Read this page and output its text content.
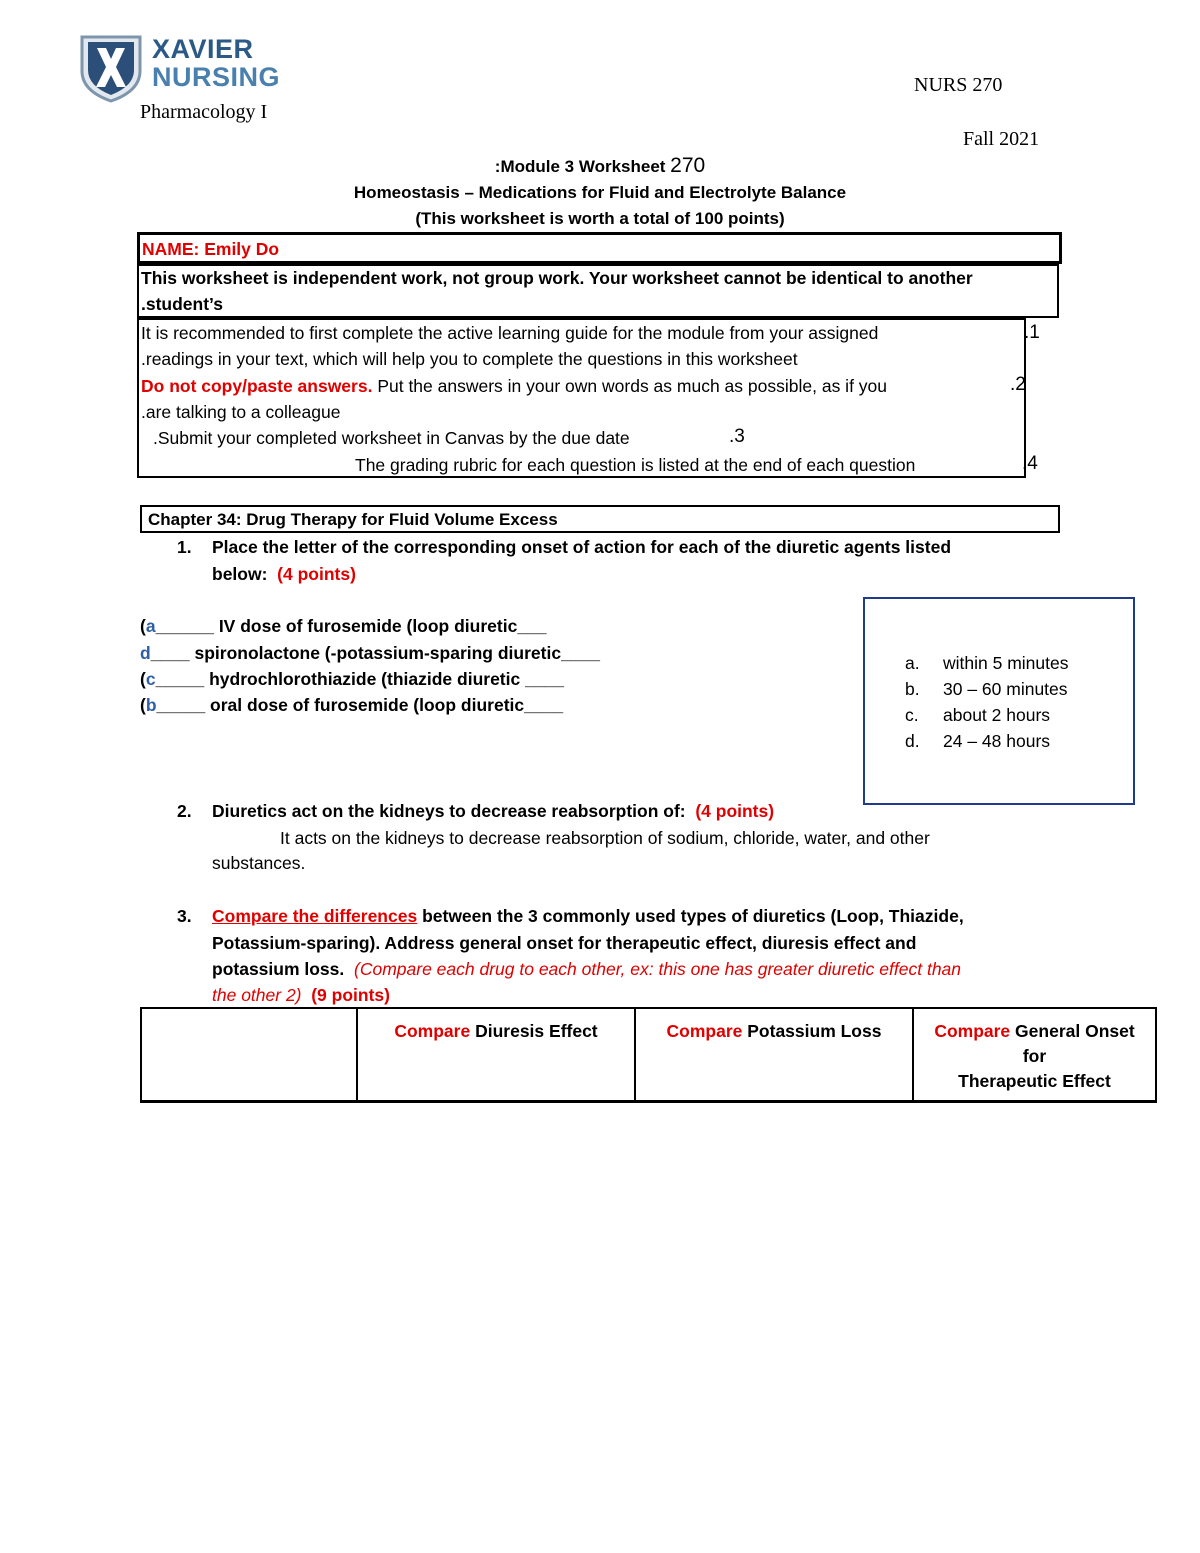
XAVIER
NURSING
Pharmacology I
NURS 270
Fall 2021
:Module 3 Worksheet 270
Homeostasis – Medications for Fluid and Electrolyte Balance
(This worksheet is worth a total of 100 points)
NAME: Emily Do
This worksheet is independent work, not group work. Your worksheet cannot be identical to another
.student’s
It is recommended to first complete the active learning guide for the module from your assigned
.readings in your text, which will help you to complete the questions in this worksheet
.1
Do not copy/paste answers. Put the answers in your own words as much as possible, as if you
.are talking to a colleague
.2
.Submit your completed worksheet in Canvas by the due date	.3
The grading rubric for each question is listed at the end of each question	.4
Chapter 34: Drug Therapy for Fluid Volume Excess
1. Place the letter of the corresponding onset of action for each of the diuretic agents listed
below: (4 points)
(a______ IV dose of furosemide (loop diuretic___
d____ spironolactone (-potassium-sparing diuretic____
(c_____ hydrochlorothiazide (thiazide diuretic ____
(b_____ oral dose of furosemide (loop diuretic____
a. within 5 minutes
b. 30 – 60 minutes
c. about 2 hours
d. 24 – 48 hours
2. Diuretics act on the kidneys to decrease reabsorption of: (4 points)
It acts on the kidneys to decrease reabsorption of sodium, chloride, water, and other
substances.
3. Compare the differences between the 3 commonly used types of diuretics (Loop, Thiazide,
Potassium-sparing). Address general onset for therapeutic effect, diuresis effect and
potassium loss. (Compare each drug to each other, ex: this one has greater diuretic effect than
the other 2) (9 points)
	Compare Diuresis Effect	Compare Potassium Loss	Compare General Onset for
Therapeutic Effect
